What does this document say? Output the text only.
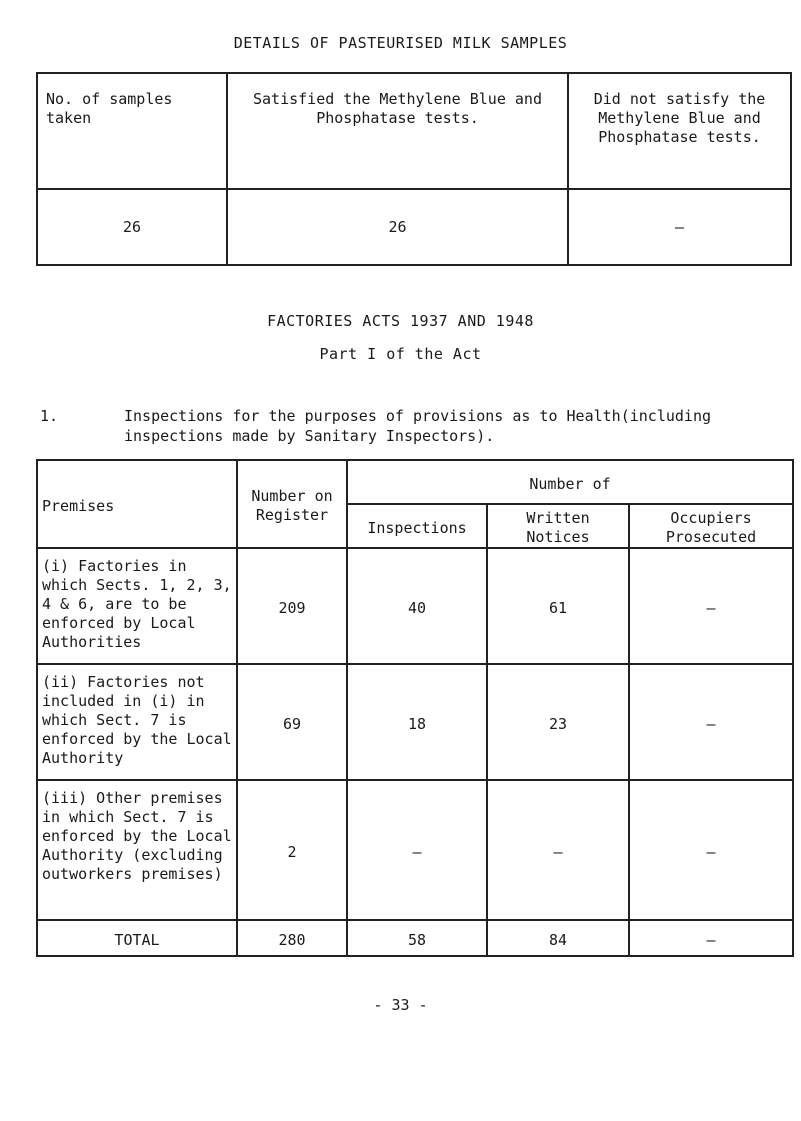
DETAILS OF PASTEURISED MILK SAMPLES
No. of samples taken	Satisfied the Methylene Blue and Phosphatase tests.	Did not satisfy the Methylene Blue and Phosphatase tests.
26	26	—
FACTORIES ACTS 1937 AND 1948
Part I of the Act
1.	Inspections for the purposes of provisions as to Health(including inspections made by Sanitary Inspectors).
Premises	Number on Register	Number of		
		Inspections	Written Notices	Occupiers Prosecuted
(i) Factories in which Sects. 1, 2, 3, 4 & 6, are to be enforced by Local Authorities	209	40	61	—
(ii) Factories not included in (i) in which Sect. 7 is enforced by the Local Authority	69	18	23	—
(iii) Other premises in which Sect. 7 is enforced by the Local Authority (excluding outworkers premises)	2	—	—	—
TOTAL	280	58	84	—
- 33 -
